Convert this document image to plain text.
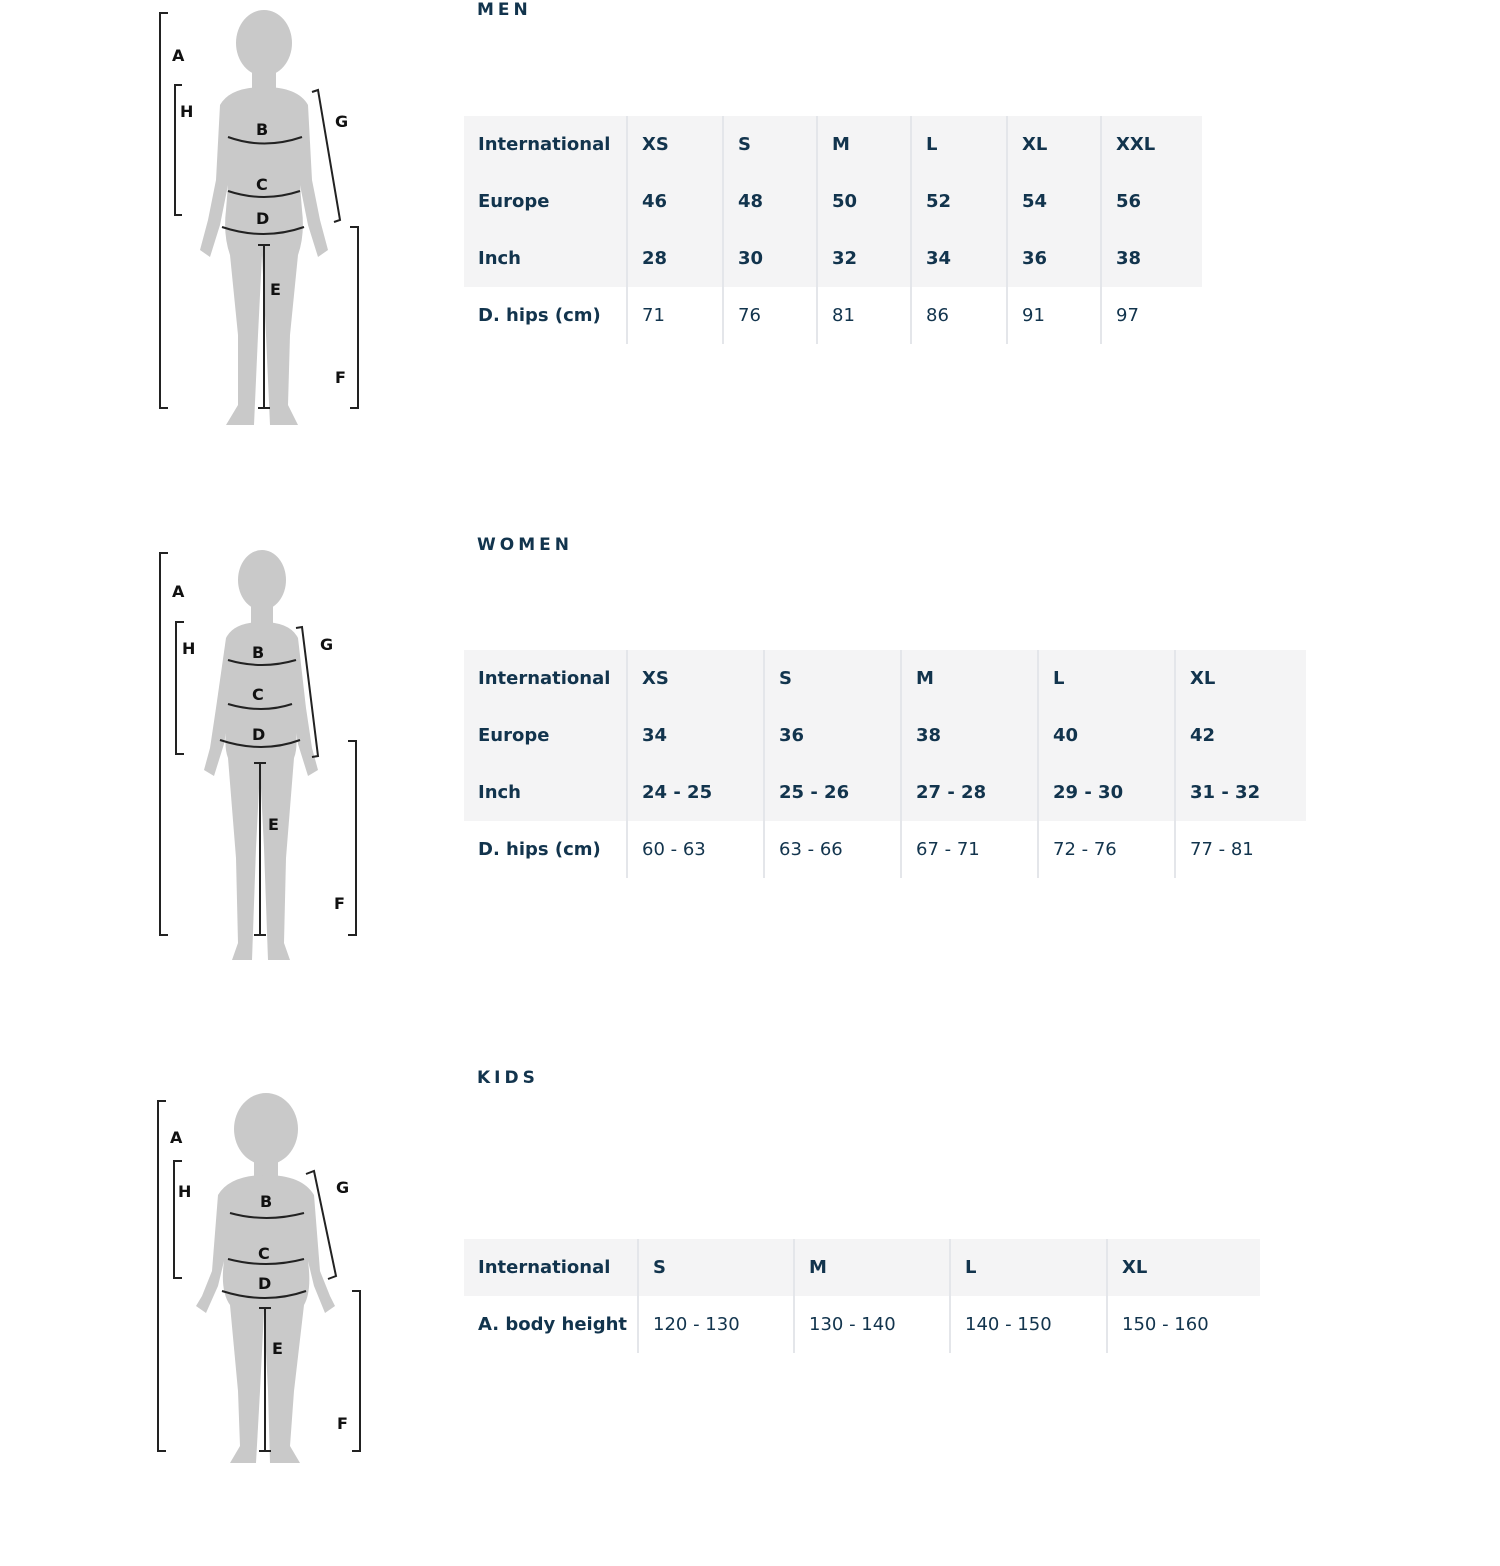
A
H
B
C
D
E
F
G
MEN
International	XS	S	M	L	XL	XXL
Europe	46	48	50	52	54	56
Inch	28	30	32	34	36	38
D. hips (cm)	71	76	81	86	91	97
A
H	B
C
D
E
F
G
WOMEN
International	XS	S	M	L	XL
Europe	34	36	38	40	42
Inch	24 - 25	25 - 26	27 - 28	29 - 30	31 - 32
D. hips (cm)	60 - 63	63 - 66	67 - 71	72 - 76	77 - 81
A
H
B
C
D
E
F
G
KIDS
International	S	M	L	XL
A. body height	120 - 130	130 - 140	140 - 150	150 - 160
